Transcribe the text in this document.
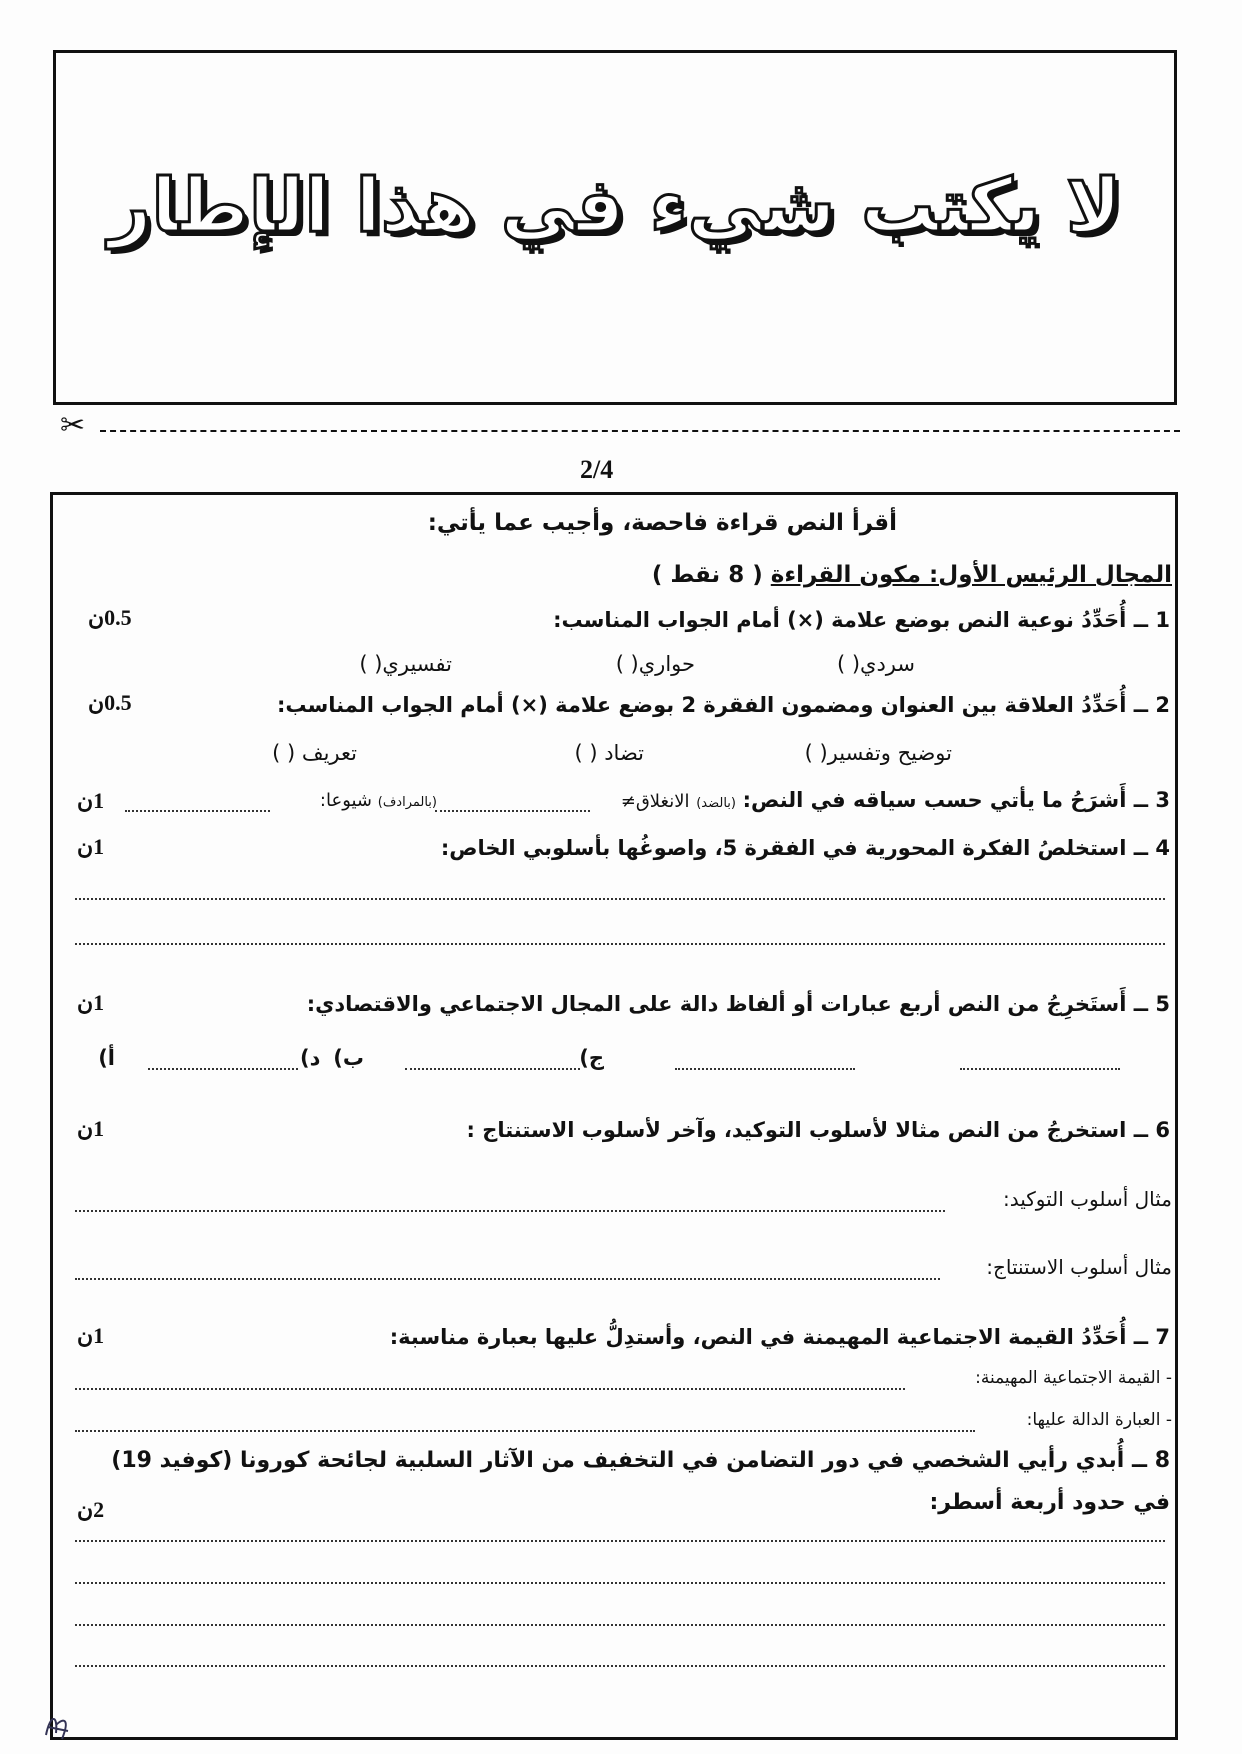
لا يكتب شيء في هذا الإطار
✂
2/4
أقرأ النص قراءة فاحصة، وأجيب عما يأتي:
المجال الرئيس الأول: مكون القراءة ( 8 نقط )
1 ــ أُحَدِّدُ نوعية النص بوضع علامة (×) أمام الجواب المناسب:
0.5ن
سردي( )
حواري( )
تفسيري( )
2 ــ أُحَدِّدُ العلاقة بين العنوان ومضمون الفقرة 2 بوضع علامة (×) أمام الجواب المناسب:
0.5ن
توضيح وتفسير( )
تضاد ( )
تعريف ( )
3 ــ أَشرَحُ ما يأتي حسب سياقه في النص: (بالضد) الانغلاق≠
(بالمرادف) شيوعا:
1ن
4 ــ استخلصُ الفكرة المحورية في الفقرة 5، واصوغُها بأسلوبي الخاص:
1ن
5 ــ أَستَخرِجُ من النص أربع عبارات أو ألفاظ دالة على المجال الاجتماعي والاقتصادي:
1ن
أ)	ب)	ج)
د)
6 ــ استخرجُ من النص مثالا لأسلوب التوكيد، وآخر لأسلوب الاستنتاج :
1ن
مثال أسلوب التوكيد:
مثال أسلوب الاستنتاج:
7 ــ أُحَدِّدُ القيمة الاجتماعية المهيمنة في النص، وأستدِلُّ عليها بعبارة مناسبة:
1ن
- القيمة الاجتماعية المهيمنة:
- العبارة الدالة عليها:
8 ــ أُبدي رأيي الشخصي في دور التضامن في التخفيف من الآثار السلبية لجائحة كورونا (كوفيد 19)
في حدود أربعة أسطر:
2ن
